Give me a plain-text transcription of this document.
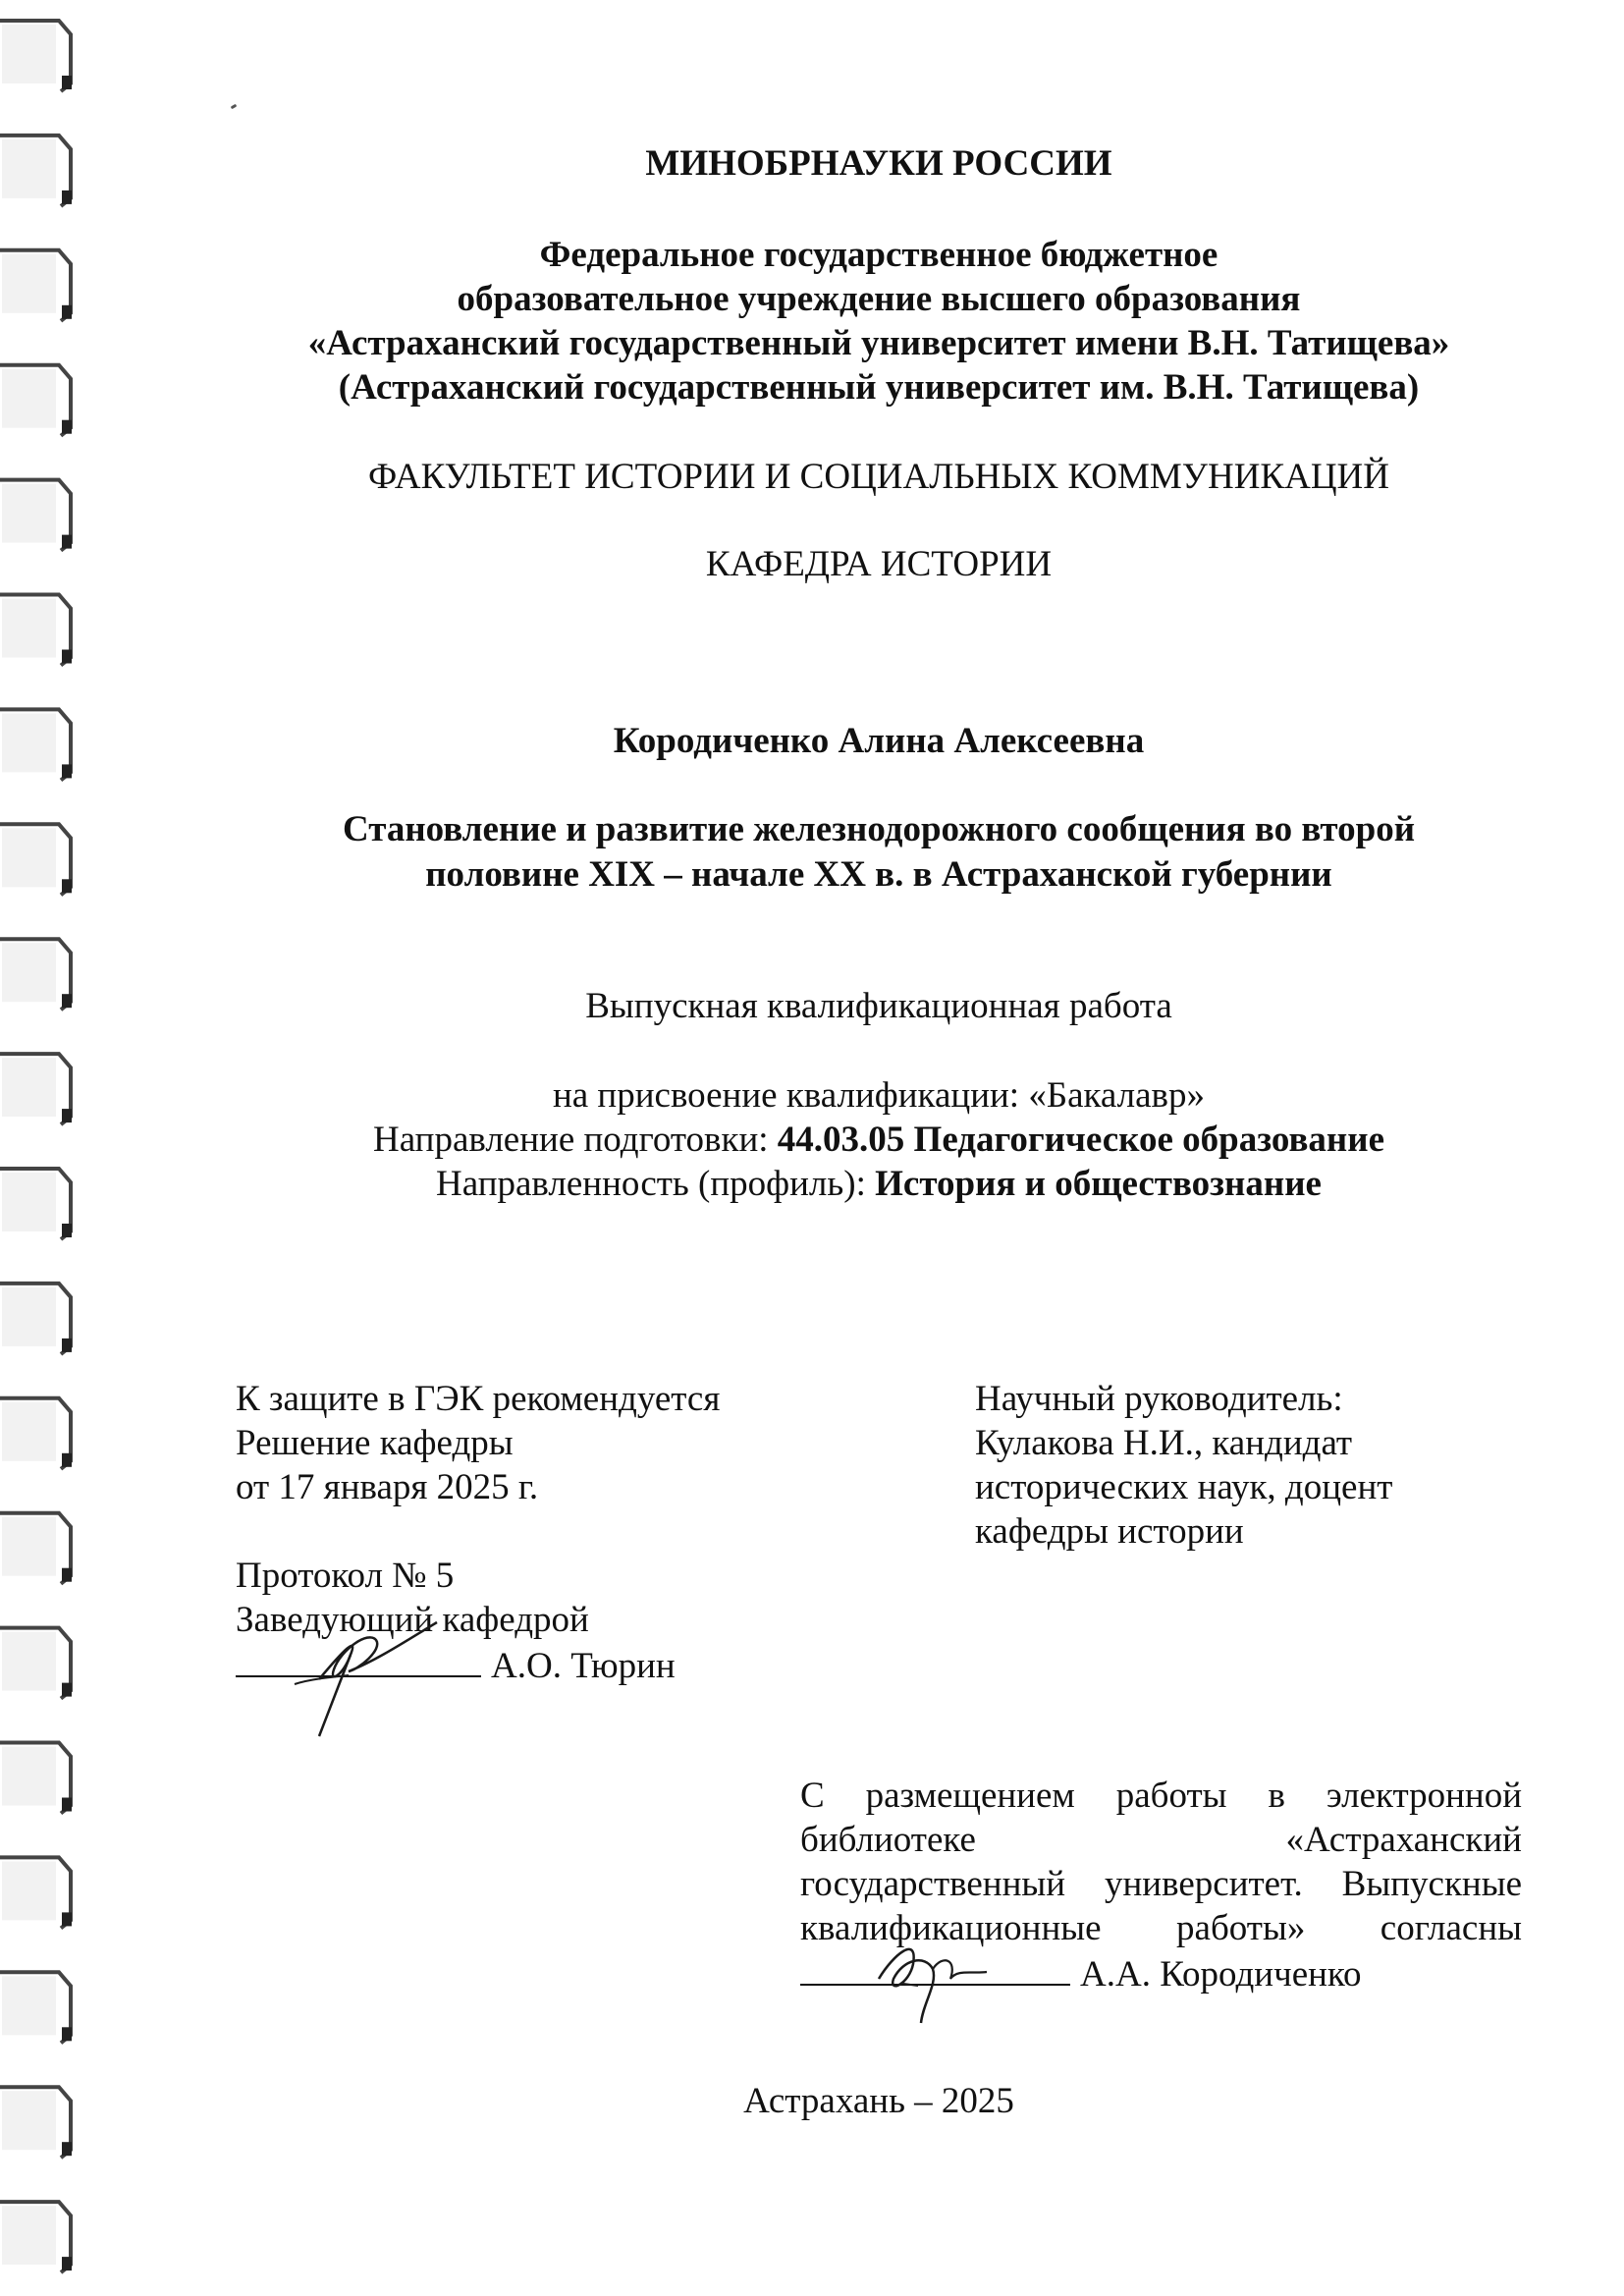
МИНОБРНАУКИ РОССИИ
Федеральное государственное бюджетное
образовательное учреждение высшего образования
«Астраханский государственный университет имени В.Н. Татищева»
(Астраханский государственный университет им. В.Н. Татищева)
ФАКУЛЬТЕТ ИСТОРИИ И СОЦИАЛЬНЫХ КОММУНИКАЦИЙ
КАФЕДРА ИСТОРИИ
Кородиченко Алина Алексеевна
Становление и развитие железнодорожного сообщения во второй
половине XIX – начале XX в. в Астраханской губернии
Выпускная квалификационная работа
на присвоение квалификации: «Бакалавр»
Направление подготовки: 44.03.05 Педагогическое образование
Направленность (профиль): История и обществознание
К защите в ГЭК рекомендуется
Решение кафедры
от 17 января 2025 г.
Протокол № 5
Заведующий кафедрой
А.О. Тюрин
Научный руководитель:
Кулакова Н.И., кандидат
исторических наук, доцент
кафедры истории
С размещением работы в электронной
библиотеке «Астраханский
государственный университет. Выпускные
квалификационные работы» согласны
А.А. Кородиченко
Астрахань – 2025
